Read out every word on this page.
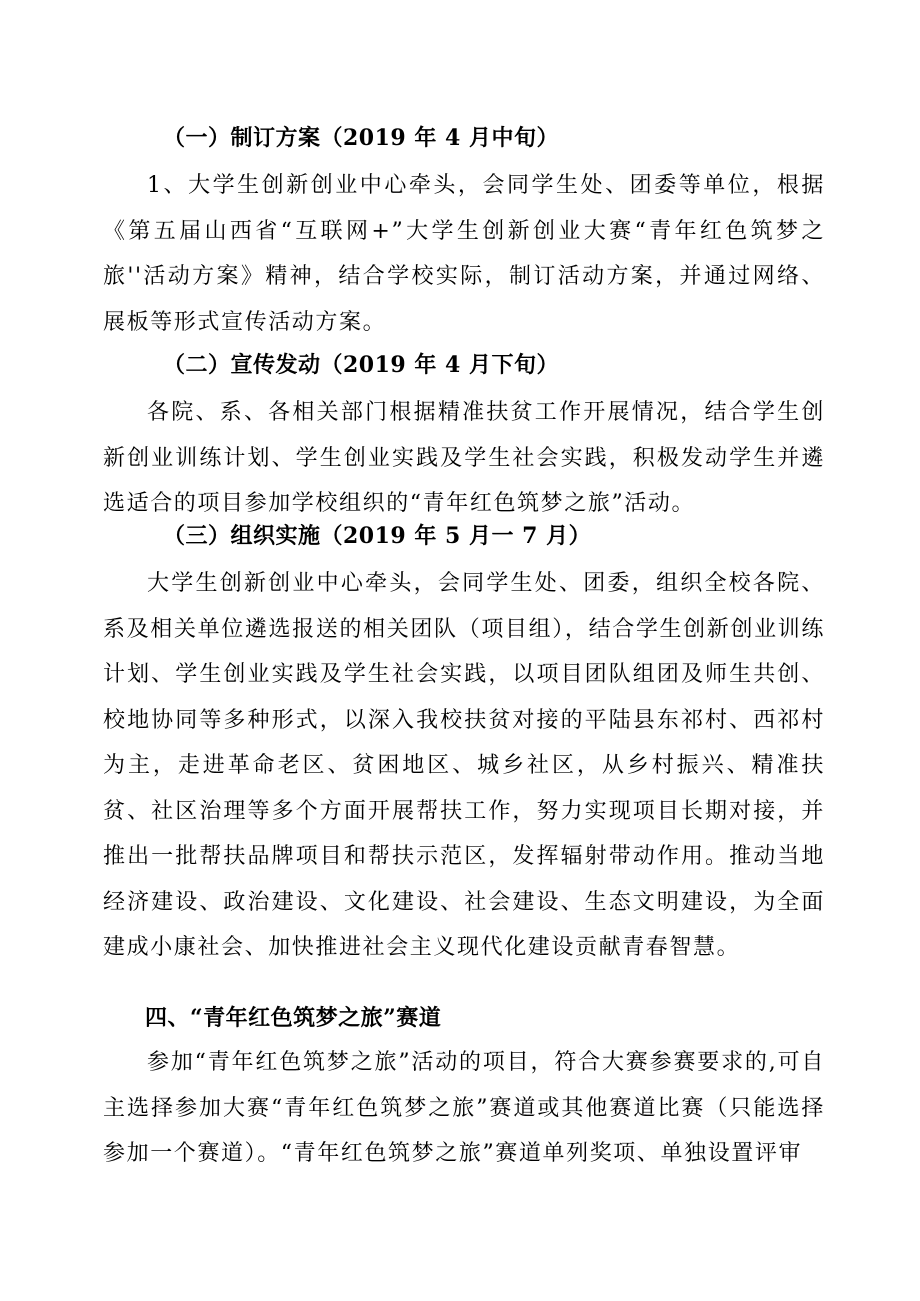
（一）制订方案（2019 年 4 月中旬）
1、大学生创新创业中心牵头，会同学生处、团委等单位，根据《第五届山西省“互联网+”大学生创新创业大赛“青年红色筑梦之旅''活动方案》精神，结合学校实际，制订活动方案，并通过网络、展板等形式宣传活动方案。
（二）宣传发动（2019 年 4 月下旬）
各院、系、各相关部门根据精准扶贫工作开展情况，结合学生创新创业训练计划、学生创业实践及学生社会实践，积极发动学生并遴选适合的项目参加学校组织的“青年红色筑梦之旅”活动。
（三）组织实施（2019 年 5 月一 7 月）
大学生创新创业中心牵头，会同学生处、团委，组织全校各院、系及相关单位遴选报送的相关团队（项目组），结合学生创新创业训练计划、学生创业实践及学生社会实践，以项目团队组团及师生共创、校地协同等多种形式，以深入我校扶贫对接的平陆县东祁村、西祁村为主，走进革命老区、贫困地区、城乡社区，从乡村振兴、精准扶贫、社区治理等多个方面开展帮扶工作，努力实现项目长期对接，并推出一批帮扶品牌项目和帮扶示范区，发挥辐射带动作用。推动当地经济建设、政治建设、文化建设、社会建设、生态文明建设，为全面建成小康社会、加快推进社会主义现代化建设贡献青春智慧。
四、“青年红色筑梦之旅”赛道
参加“青年红色筑梦之旅”活动的项目，符合大赛参赛要求的,可自主选择参加大赛“青年红色筑梦之旅”赛道或其他赛道比赛（只能选择参加一个赛道）。“青年红色筑梦之旅”赛道单列奖项、单独设置评审
